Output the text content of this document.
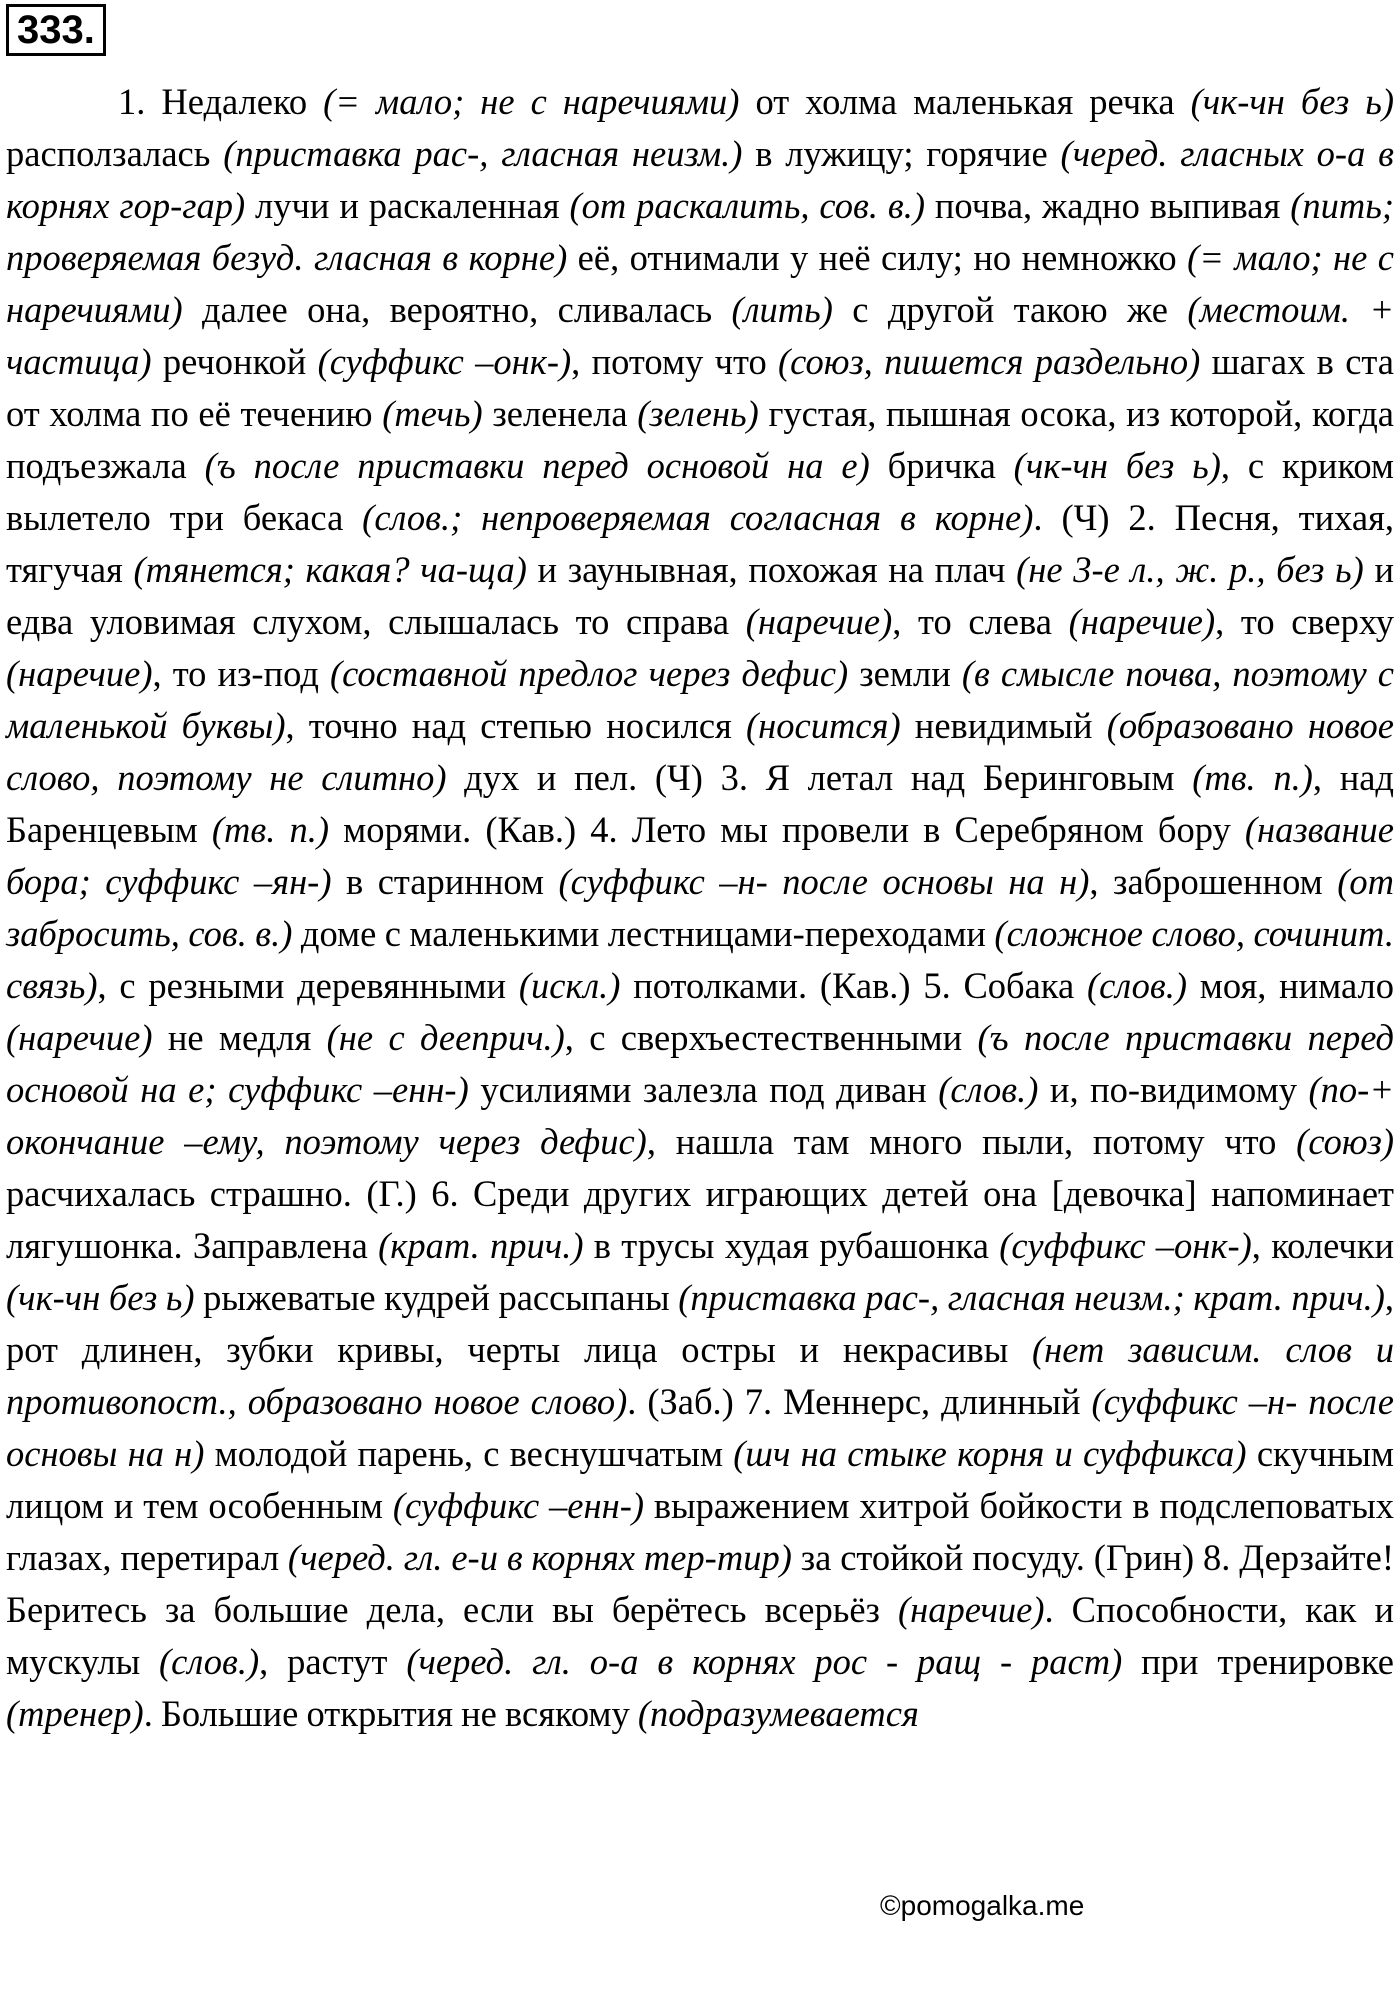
333.
1. Недалеко (= мало; не с наречиями) от холма маленькая речка (чк-чн без ь) расползалась (приставка рас-, гласная неизм.) в лужицу; горячие (черед. гласных о-а в корнях гор-гар) лучи и раскаленная (от раскалить, сов. в.) почва, жадно выпивая (пить; проверяемая безуд. гласная в корне) её, отнимали у неё силу; но немножко (= мало; не с наречиями) далее она, вероятно, сливалась (лить) с другой такою же (местоим. + частица) речонкой (суффикс –онк-), потому что (союз, пишется раздельно) шагах в ста от холма по её течению (течь) зеленела (зелень) густая, пышная осока, из которой, когда подъезжала (ъ после приставки перед основой на е) бричка (чк-чн без ь), с криком вылетело три бекаса (слов.; непроверяемая согласная в корне). (Ч) 2. Песня, тихая, тягучая (тянется; какая? ча-ща) и заунывная, похожая на плач (не 3-е л., ж. р., без ь) и едва уловимая слухом, слышалась то справа (наречие), то слева (наречие), то сверху (наречие), то из-под (составной предлог через дефис) земли (в смысле почва, поэтому с маленькой буквы), точно над степью носился (носится) невидимый (образовано новое слово, поэтому не слитно) дух и пел. (Ч) 3. Я летал над Беринговым (тв. п.), над Баренцевым (тв. п.) морями. (Кав.) 4. Лето мы провели в Серебряном бору (название бора; суффикс –ян-) в старинном (суффикс –н- после основы на н), заброшенном (от забросить, сов. в.) доме с маленькими лестницами-переходами (сложное слово, сочинит. связь), с резными деревянными (искл.) потолками. (Кав.) 5. Собака (слов.) моя, нимало (наречие) не медля (не с дееприч.), с сверхъестественными (ъ после приставки перед основой на е; суффикс –енн-) усилиями залезла под диван (слов.) и, по-видимому (по-+ окончание –ему, поэтому через дефис), нашла там много пыли, потому что (союз) расчихалась страшно. (Г.) 6. Среди других играющих детей она [девочка] напоминает лягушонка. Заправлена (крат. прич.) в трусы худая рубашонка (суффикс –онк-), колечки (чк-чн без ь) рыжеватые кудрей рассыпаны (приставка рас-, гласная неизм.; крат. прич.), рот длинен, зубки кривы, черты лица остры и некрасивы (нет зависим. слов и противопост., образовано новое слово). (Заб.) 7. Меннерс, длинный (суффикс –н- после основы на н) молодой парень, с веснушчатым (шч на стыке корня и суффикса) скучным лицом и тем особенным (суффикс –енн-) выражением хитрой бойкости в подслеповатых глазах, перетирал (черед. гл. е-и в корнях тер-тир) за стойкой посуду. (Грин) 8. Дерзайте! Беритесь за большие дела, если вы берётесь всерьёз (наречие). Способности, как и мускулы (слов.), растут (черед. гл. о-а в корнях рос - ращ - раст) при тренировке (тренер). Большие открытия не всякому (подразумевается
©pomogalka.me
